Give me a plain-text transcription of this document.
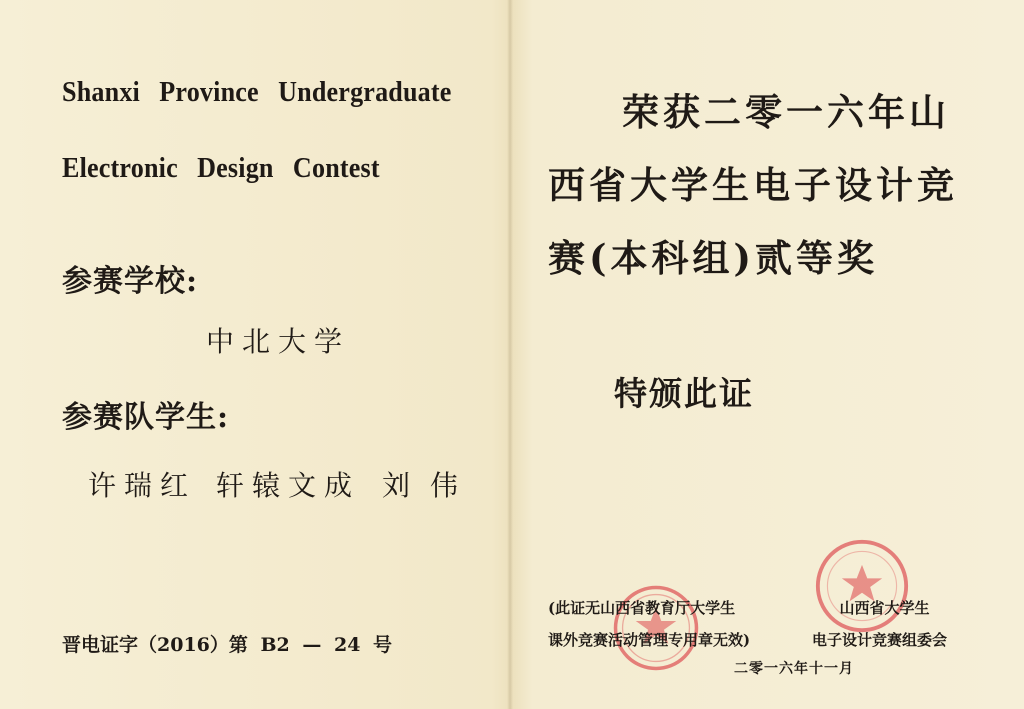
Shanxi Province Undergraduate
Electronic Design Contest
参赛学校:
中北大学
参赛队学生:
许瑞红 轩辕文成 刘伟
晋电证字（2016）第 B2 — 24 号
荣获二零一六年山
西省大学生电子设计竞
赛(本科组)贰等奖
特颁此证
(此证无山西省教育厅大学生
课外竞赛活动管理专用章无效)
山西省大学生
电子设计竞赛组委会
二零一六年十一月
